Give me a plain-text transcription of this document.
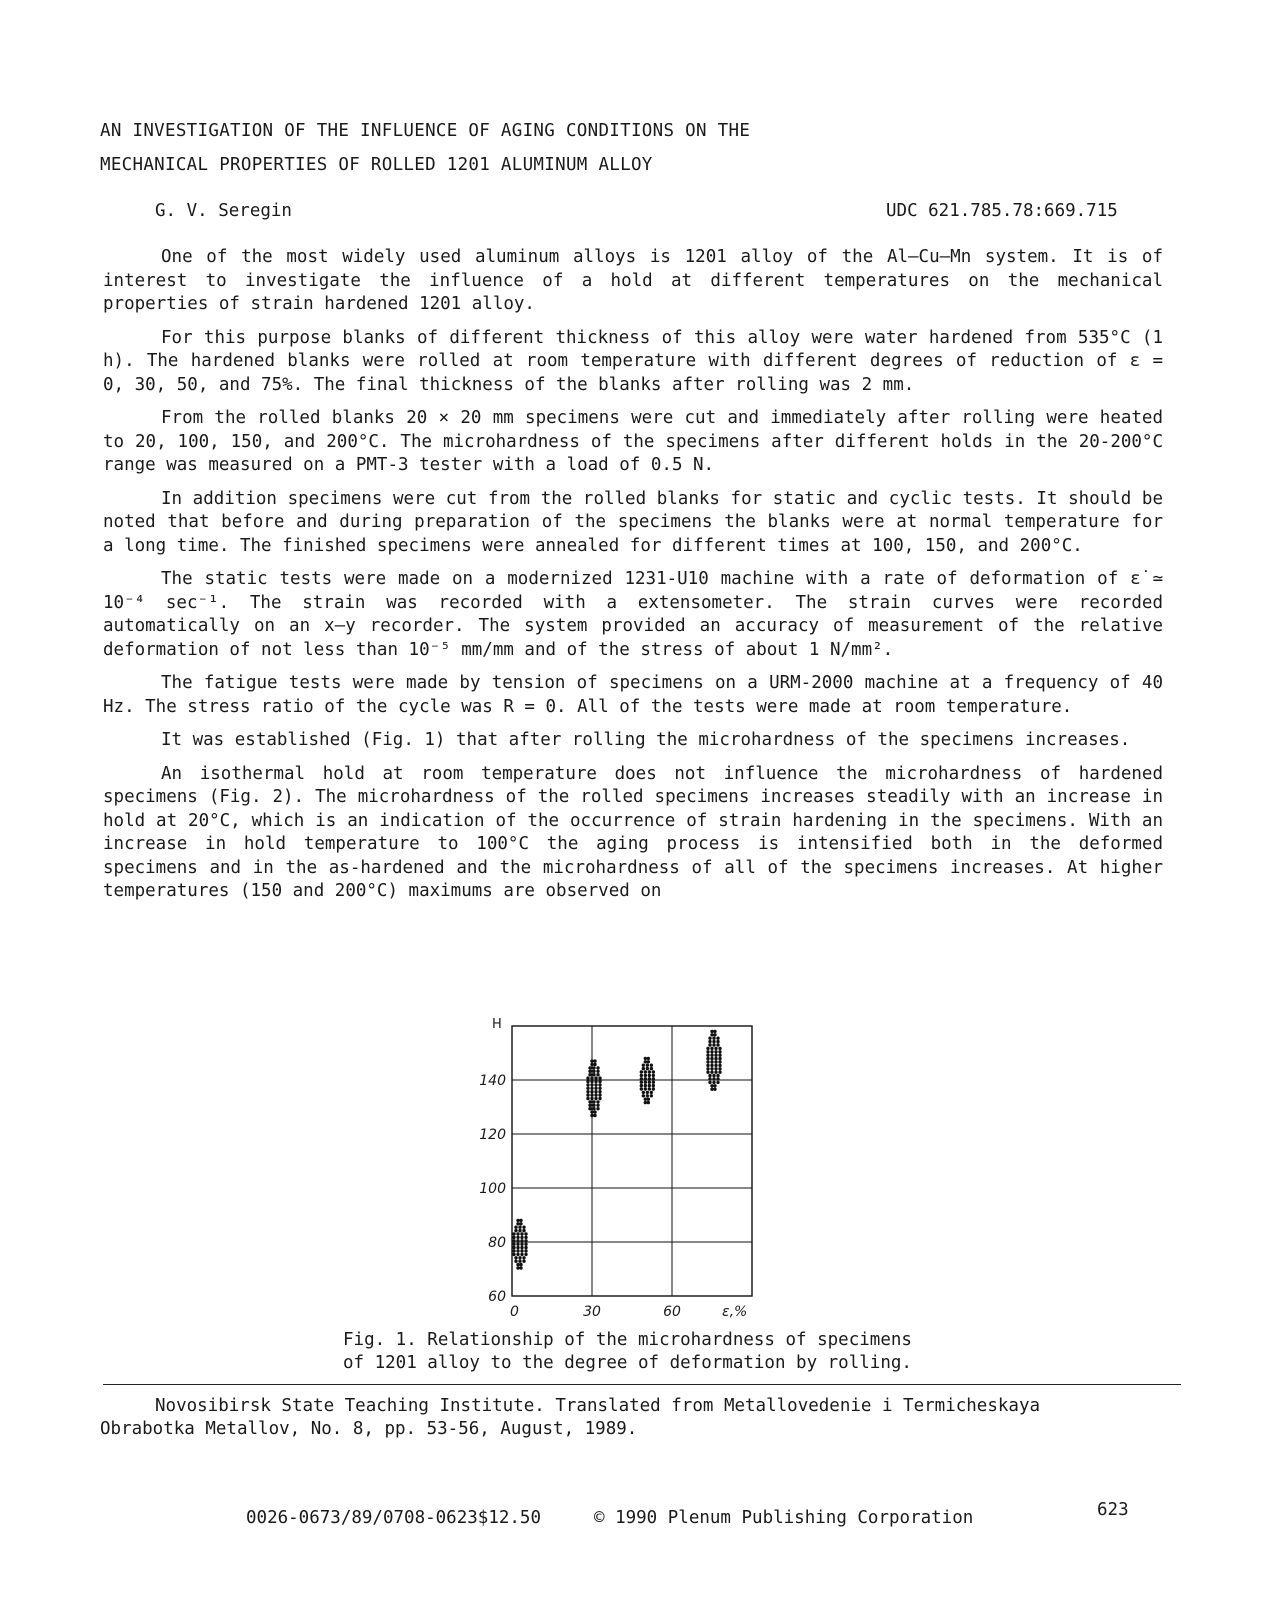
AN INVESTIGATION OF THE INFLUENCE OF AGING CONDITIONS ON THE
MECHANICAL PROPERTIES OF ROLLED 1201 ALUMINUM ALLOY
G. V. Seregin	UDC 621.785.78:669.715

One of the most widely used aluminum alloys is 1201 alloy of the Al–Cu–Mn system. It is of interest to investigate the influence of a hold at different temperatures on the mechanical properties of strain hardened 1201 alloy.

For this purpose blanks of different thickness of this alloy were water hardened from 535°C (1 h). The hardened blanks were rolled at room temperature with different degrees of reduction of ε = 0, 30, 50, and 75%. The final thickness of the blanks after rolling was 2 mm.

From the rolled blanks 20 × 20 mm specimens were cut and immediately after rolling were heated to 20, 100, 150, and 200°C. The microhardness of the specimens after different holds in the 20-200°C range was measured on a PMT-3 tester with a load of 0.5 N.

In addition specimens were cut from the rolled blanks for static and cyclic tests. It should be noted that before and during preparation of the specimens the blanks were at normal temperature for a long time. The finished specimens were annealed for different times at 100, 150, and 200°C.

The static tests were made on a modernized 1231-U10 machine with a rate of deformation of ε̇ ≃ 10⁻⁴ sec⁻¹. The strain was recorded with a extensometer. The strain curves were recorded automatically on an x–y recorder. The system provided an accuracy of measurement of the relative deformation of not less than 10⁻⁵ mm/mm and of the stress of about 1 N/mm².

The fatigue tests were made by tension of specimens on a URM-2000 machine at a frequency of 40 Hz. The stress ratio of the cycle was R = 0. All of the tests were made at room temperature.

It was established (Fig. 1) that after rolling the microhardness of the specimens increases.

An isothermal hold at room temperature does not influence the microhardness of hardened specimens (Fig. 2). The microhardness of the rolled specimens increases steadily with an increase in hold at 20°C, which is an indication of the occurrence of strain hardening in the specimens. With an increase in hold temperature to 100°C the aging process is intensified both in the deformed specimens and in the as-hardened and the microhardness of all of the specimens increases. At higher temperatures (150 and 200°C) maximums are observed on

H
ε,%
60
80
100
120
140
0	30	60
Fig. 1. Relationship of the microhardness of specimens
of 1201 alloy to the degree of deformation by rolling.
Novosibirsk State Teaching Institute. Translated from Metallovedenie i Termicheskaya
Obrabotka Metallov, No. 8, pp. 53-56, August, 1989.
0026-0673/89/0708-0623$12.50	© 1990 Plenum Publishing Corporation	623
